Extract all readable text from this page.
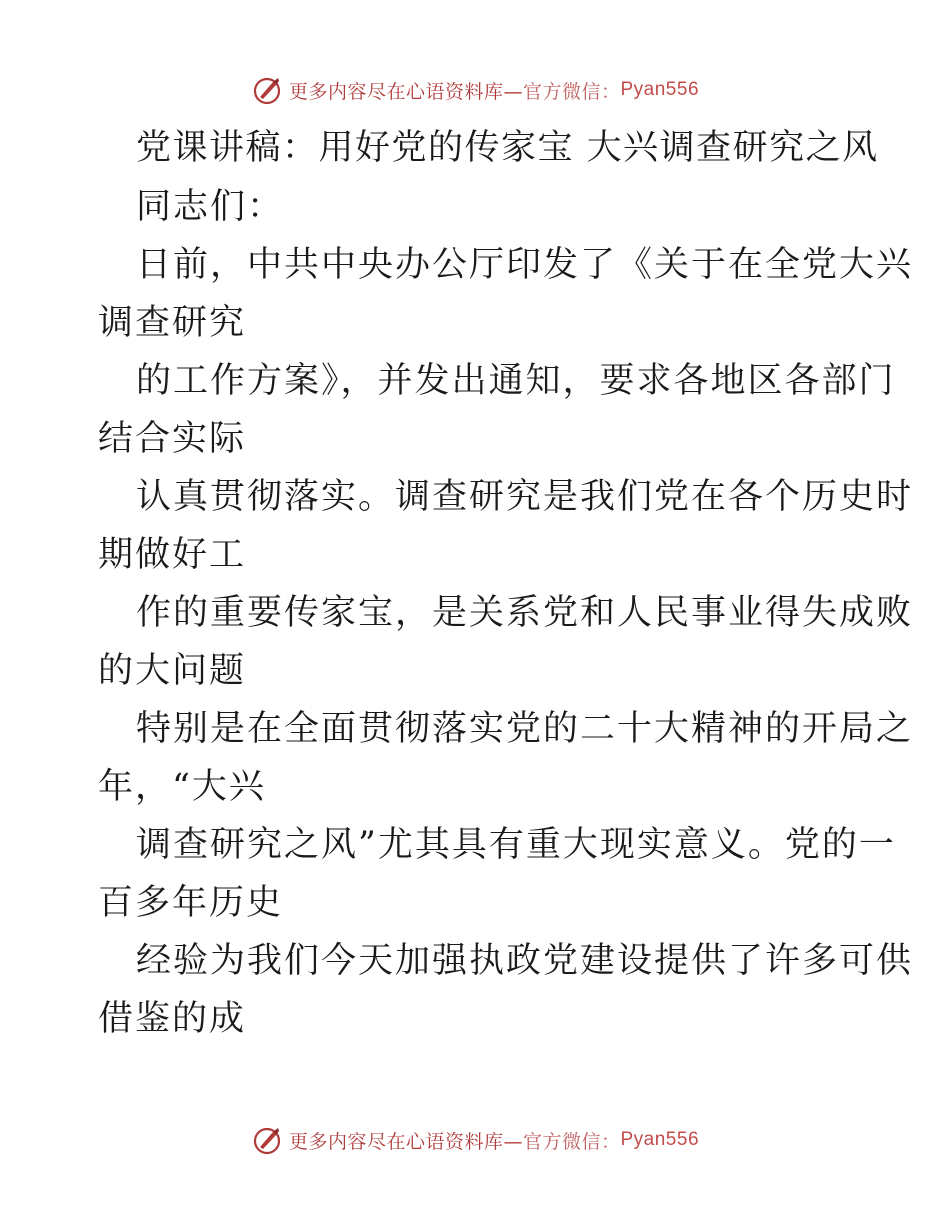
更多内容尽在心语资料库— 官方微信： Pyan556
党课讲稿：用好党的传家宝 大兴调查研究之风
同志们：
日前，中共中央办公厅印发了《关于在全党大兴
调查研究
的工作方案》，并发出通知，要求各地区各部门
结合实际
认真贯彻落实。调查研究是我们党在各个历史时
期做好工
作的重要传家宝，是关系党和人民事业得失成败
的大问题
特别是在全面贯彻落实党的二十大精神的开局之
年，“大兴
调查研究之风”尤其具有重大现实意义。党的一
百多年历史
经验为我们今天加强执政党建设提供了许多可供
借鉴的成
更多内容尽在心语资料库— 官方微信： Pyan556
